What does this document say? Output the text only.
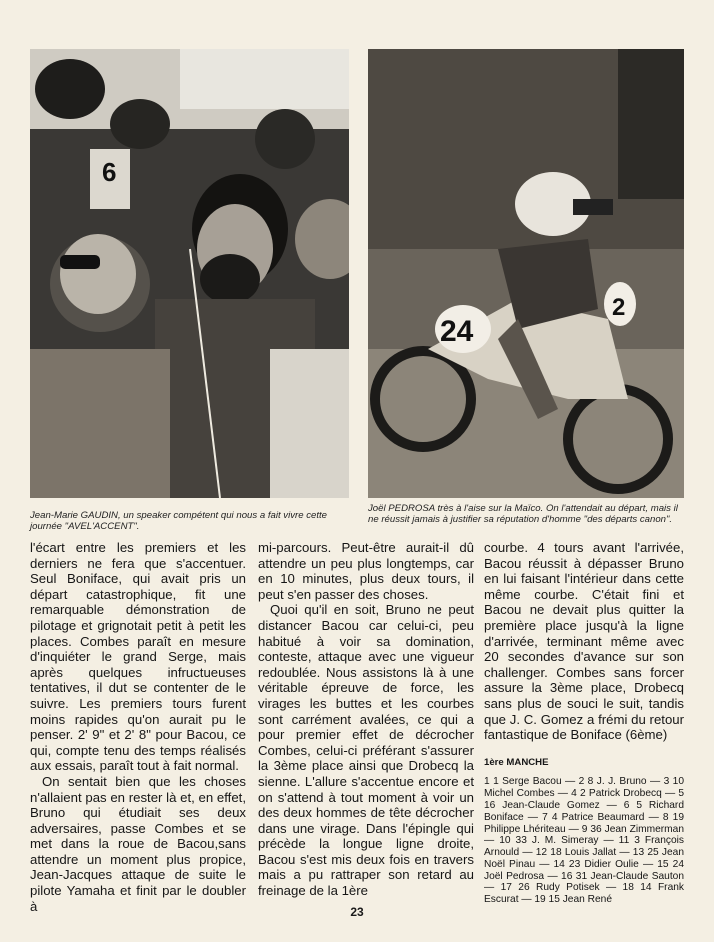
6
24
2
Jean-Marie GAUDIN, un speaker compétent qui nous a fait vivre cette journée "AVEL'ACCENT".
Joël PEDROSA très à l'aise sur la Maïco. On l'attendait au départ, mais il ne réussit jamais à justifier sa réputation d'homme "des départs canon".

l'écart entre les premiers et les derniers ne fera que s'accentuer. Seul Boniface, qui avait pris un départ catastrophique, fit une remarquable démonstration de pilotage et grignotait petit à petit les places. Combes paraît en mesure d'inquiéter le grand Serge, mais après quelques infructueuses tentatives, il dut se contenter de le suivre. Les premiers tours furent moins rapides qu'on aurait pu le penser. 2' 9" et 2' 8" pour Bacou, ce qui, compte tenu des temps réalisés aux essais, paraît tout à fait normal.

On sentait bien que les choses n'allaient pas en rester là et, en effet, Bruno qui étudiait ses deux adversaires, passe Combes et se met dans la roue de Bacou,sans attendre un moment plus propice, Jean-Jacques attaque de suite le pilote Yamaha et finit par le doubler à

mi-parcours. Peut-être aurait-il dû attendre un peu plus longtemps, car en 10 minutes, plus deux tours, il peut s'en passer des choses.

Quoi qu'il en soit, Bruno ne peut distancer Bacou car celui-ci, peu habitué à voir sa domination, conteste, attaque avec une vigueur redoublée. Nous assistons là à une véritable épreuve de force, les virages les buttes et les courbes sont carrément avalées, ce qui a pour premier effet de décrocher Combes, celui-ci préférant s'assurer la 3ème place ainsi que Drobecq la sienne. L'allure s'accentue encore et on s'attend à tout moment à voir un des deux hommes de tête décrocher dans une virage. Dans l'épingle qui précède la longue ligne droite, Bacou s'est mis deux fois en travers mais a pu rattraper son retard au freinage de la 1ère

courbe. 4 tours avant l'arrivée, Bacou réussit à dépasser Bruno en lui faisant l'intérieur dans cette même courbe. C'était fini et Bacou ne devait plus quitter la première place jusqu'à la ligne d'arrivée, terminant même avec 20 secondes d'avance sur son challenger. Combes sans forcer assure la 3ème place, Drobecq sans plus de souci le suit, tandis que J. C. Gomez a frémi du retour fantastique de Boniface (6ème)

1ère MANCHE
1 1 Serge Bacou — 2 8 J. J. Bruno — 3 10 Michel Combes — 4 2 Patrick Drobecq — 5 16 Jean-Claude Gomez — 6 5 Richard Boniface — 7 4 Patrice Beaumard — 8 19 Philippe Lhériteau — 9 36 Jean Zimmerman — 10 33 J. M. Simeray — 11 3 François Arnould — 12 18 Louis Jallat — 13 25 Jean Noël Pinau — 14 23 Didier Oulie — 15 24 Joël Pedrosa — 16 31 Jean-Claude Sauton — 17 26 Rudy Potisek — 18 14 Frank Escurat — 19 15 Jean René
23
